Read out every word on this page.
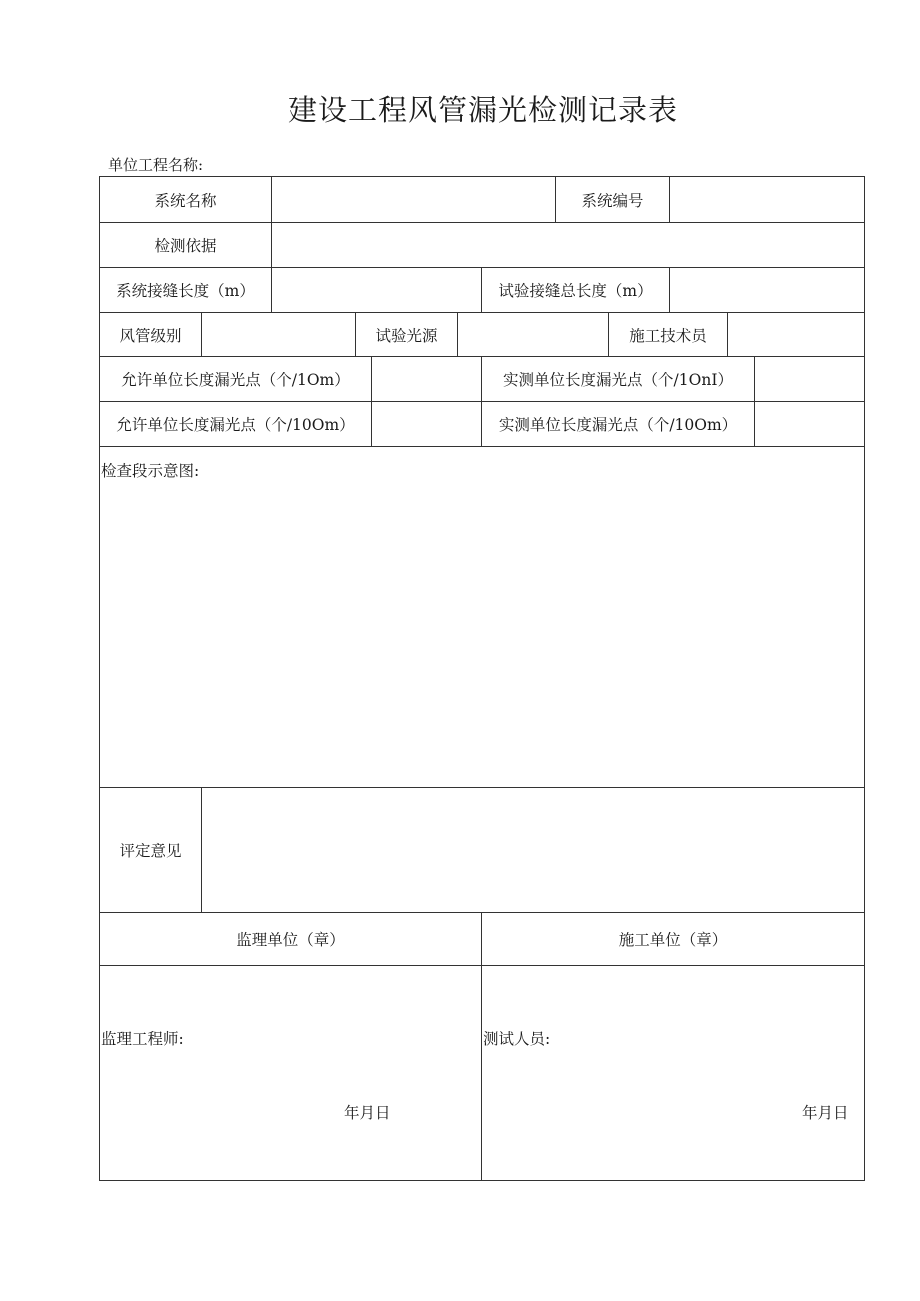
建设工程风管漏光检测记录表
单位工程名称:
系统名称	系统编号
检测依据
系统接缝长度（m）	试验接缝总长度（m）
风管级别	试验光源	施工技术员
允许单位长度漏光点（个/1Om）	实测单位长度漏光点（个/1OnI）
允许单位长度漏光点（个/10Om）	实测单位长度漏光点（个/10Om）
检查段示意图:
评定意见
监理单位（章）	施工单位（章）
监理工程师:
年月日
测试人员:
年月日
